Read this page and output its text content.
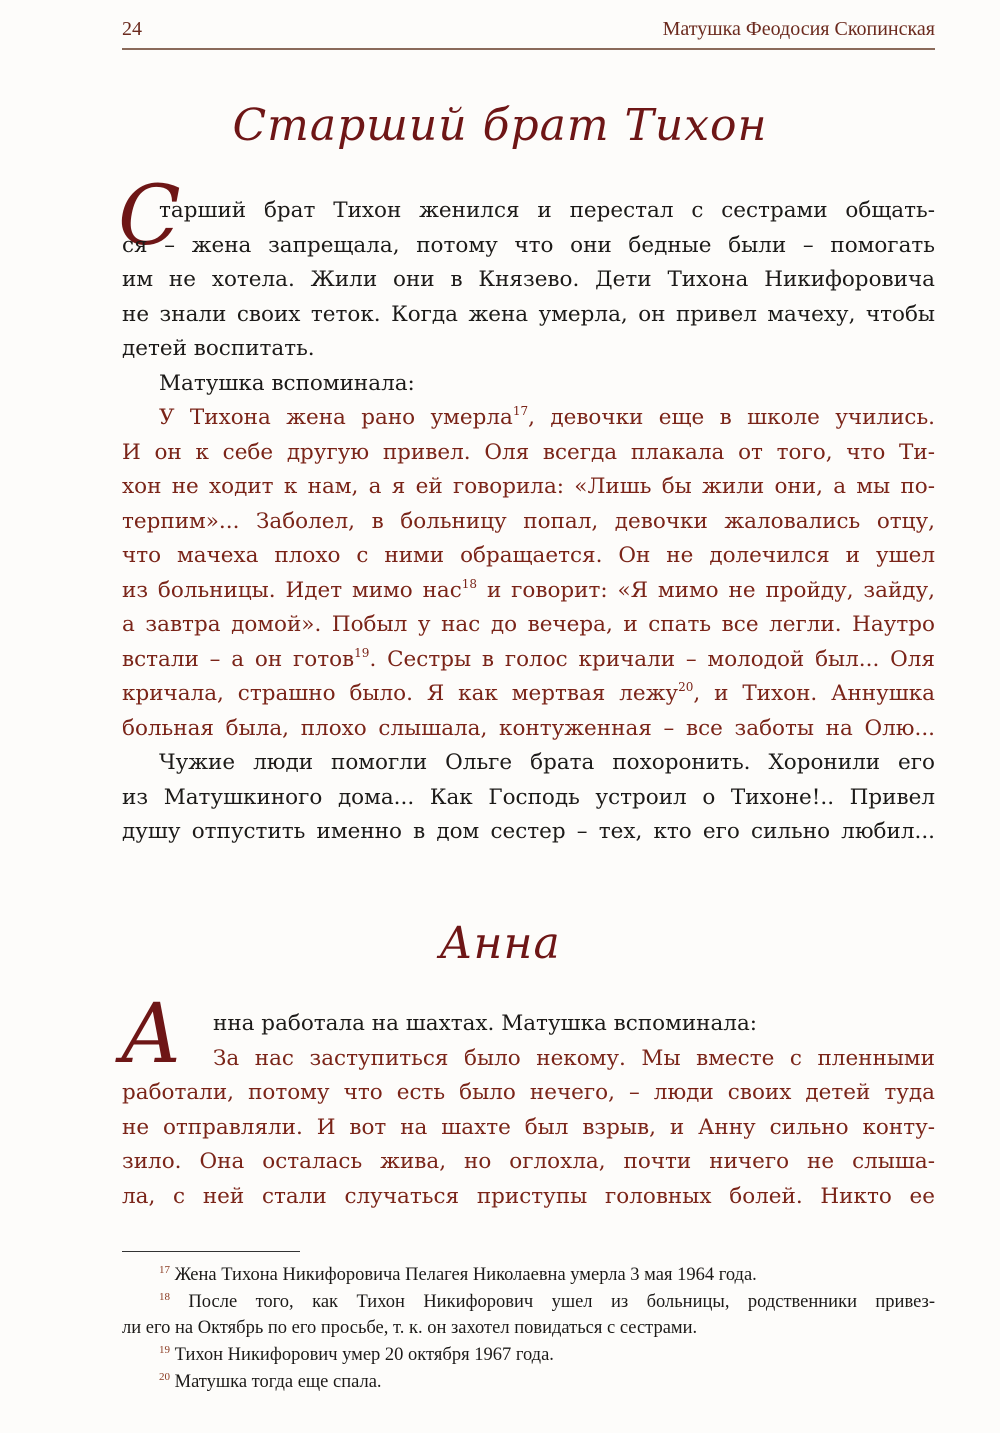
24	Матушка Феодосия Скопинская
Старший брат Тихон
С
тарший брат Тихон женился и перестал с сестрами общать-
ся – жена запрещала, потому что они бедные были – помогать
им не хотела. Жили они в Князево. Дети Тихона Никифоровича
не знали своих теток. Когда жена умерла, он привел мачеху, чтобы
детей воспитать.
Матушка вспоминала:
У Тихона жена рано умерла$^{17}$, девочки еще в школе учились.
И он к себе другую привел. Оля всегда плакала от того, что Ти-
хон не ходит к нам, а я ей говорила: «Лишь бы жили они, а мы по-
терпим»... Заболел, в больницу попал, девочки жаловались отцу,
что мачеха плохо с ними обращается. Он не долечился и ушел
из больницы. Идет мимо нас$^{18}$ и говорит: «Я мимо не пройду, зайду,
а завтра домой». Побыл у нас до вечера, и спать все легли. Наутро
встали – а он готов$^{19}$. Сестры в голос кричали – молодой был... Оля
кричала, страшно было. Я как мертвая лежу$^{20}$, и Тихон. Аннушка
больная была, плохо слышала, контуженная – все заботы на Олю...
Чужие люди помогли Ольге брата похоронить. Хоронили его
из Матушкиного дома... Как Господь устроил о Тихоне!.. Привел
душу отпустить именно в дом сестер – тех, кто его сильно любил...
Анна
А	нна работала на шахтах. Матушка вспоминала:
За нас заступиться было некому. Мы вместе с пленными
работали, потому что есть было нечего, – люди своих детей туда
не отправляли. И вот на шахте был взрыв, и Анну сильно конту-
зило. Она осталась жива, но оглохла, почти ничего не слыша-
ла, с ней стали случаться приступы головных болей. Никто ее
$^{17}$ Жена Тихона Никифоровича Пелагея Николаевна умерла 3 мая 1964 года.
$^{18}$ После того, как Тихон Никифорович ушел из больницы, родственники привез-
ли его на Октябрь по его просьбе, т. к. он захотел повидаться с сестрами.
$^{19}$ Тихон Никифорович умер 20 октября 1967 года.
$^{20}$ Матушка тогда еще спала.
